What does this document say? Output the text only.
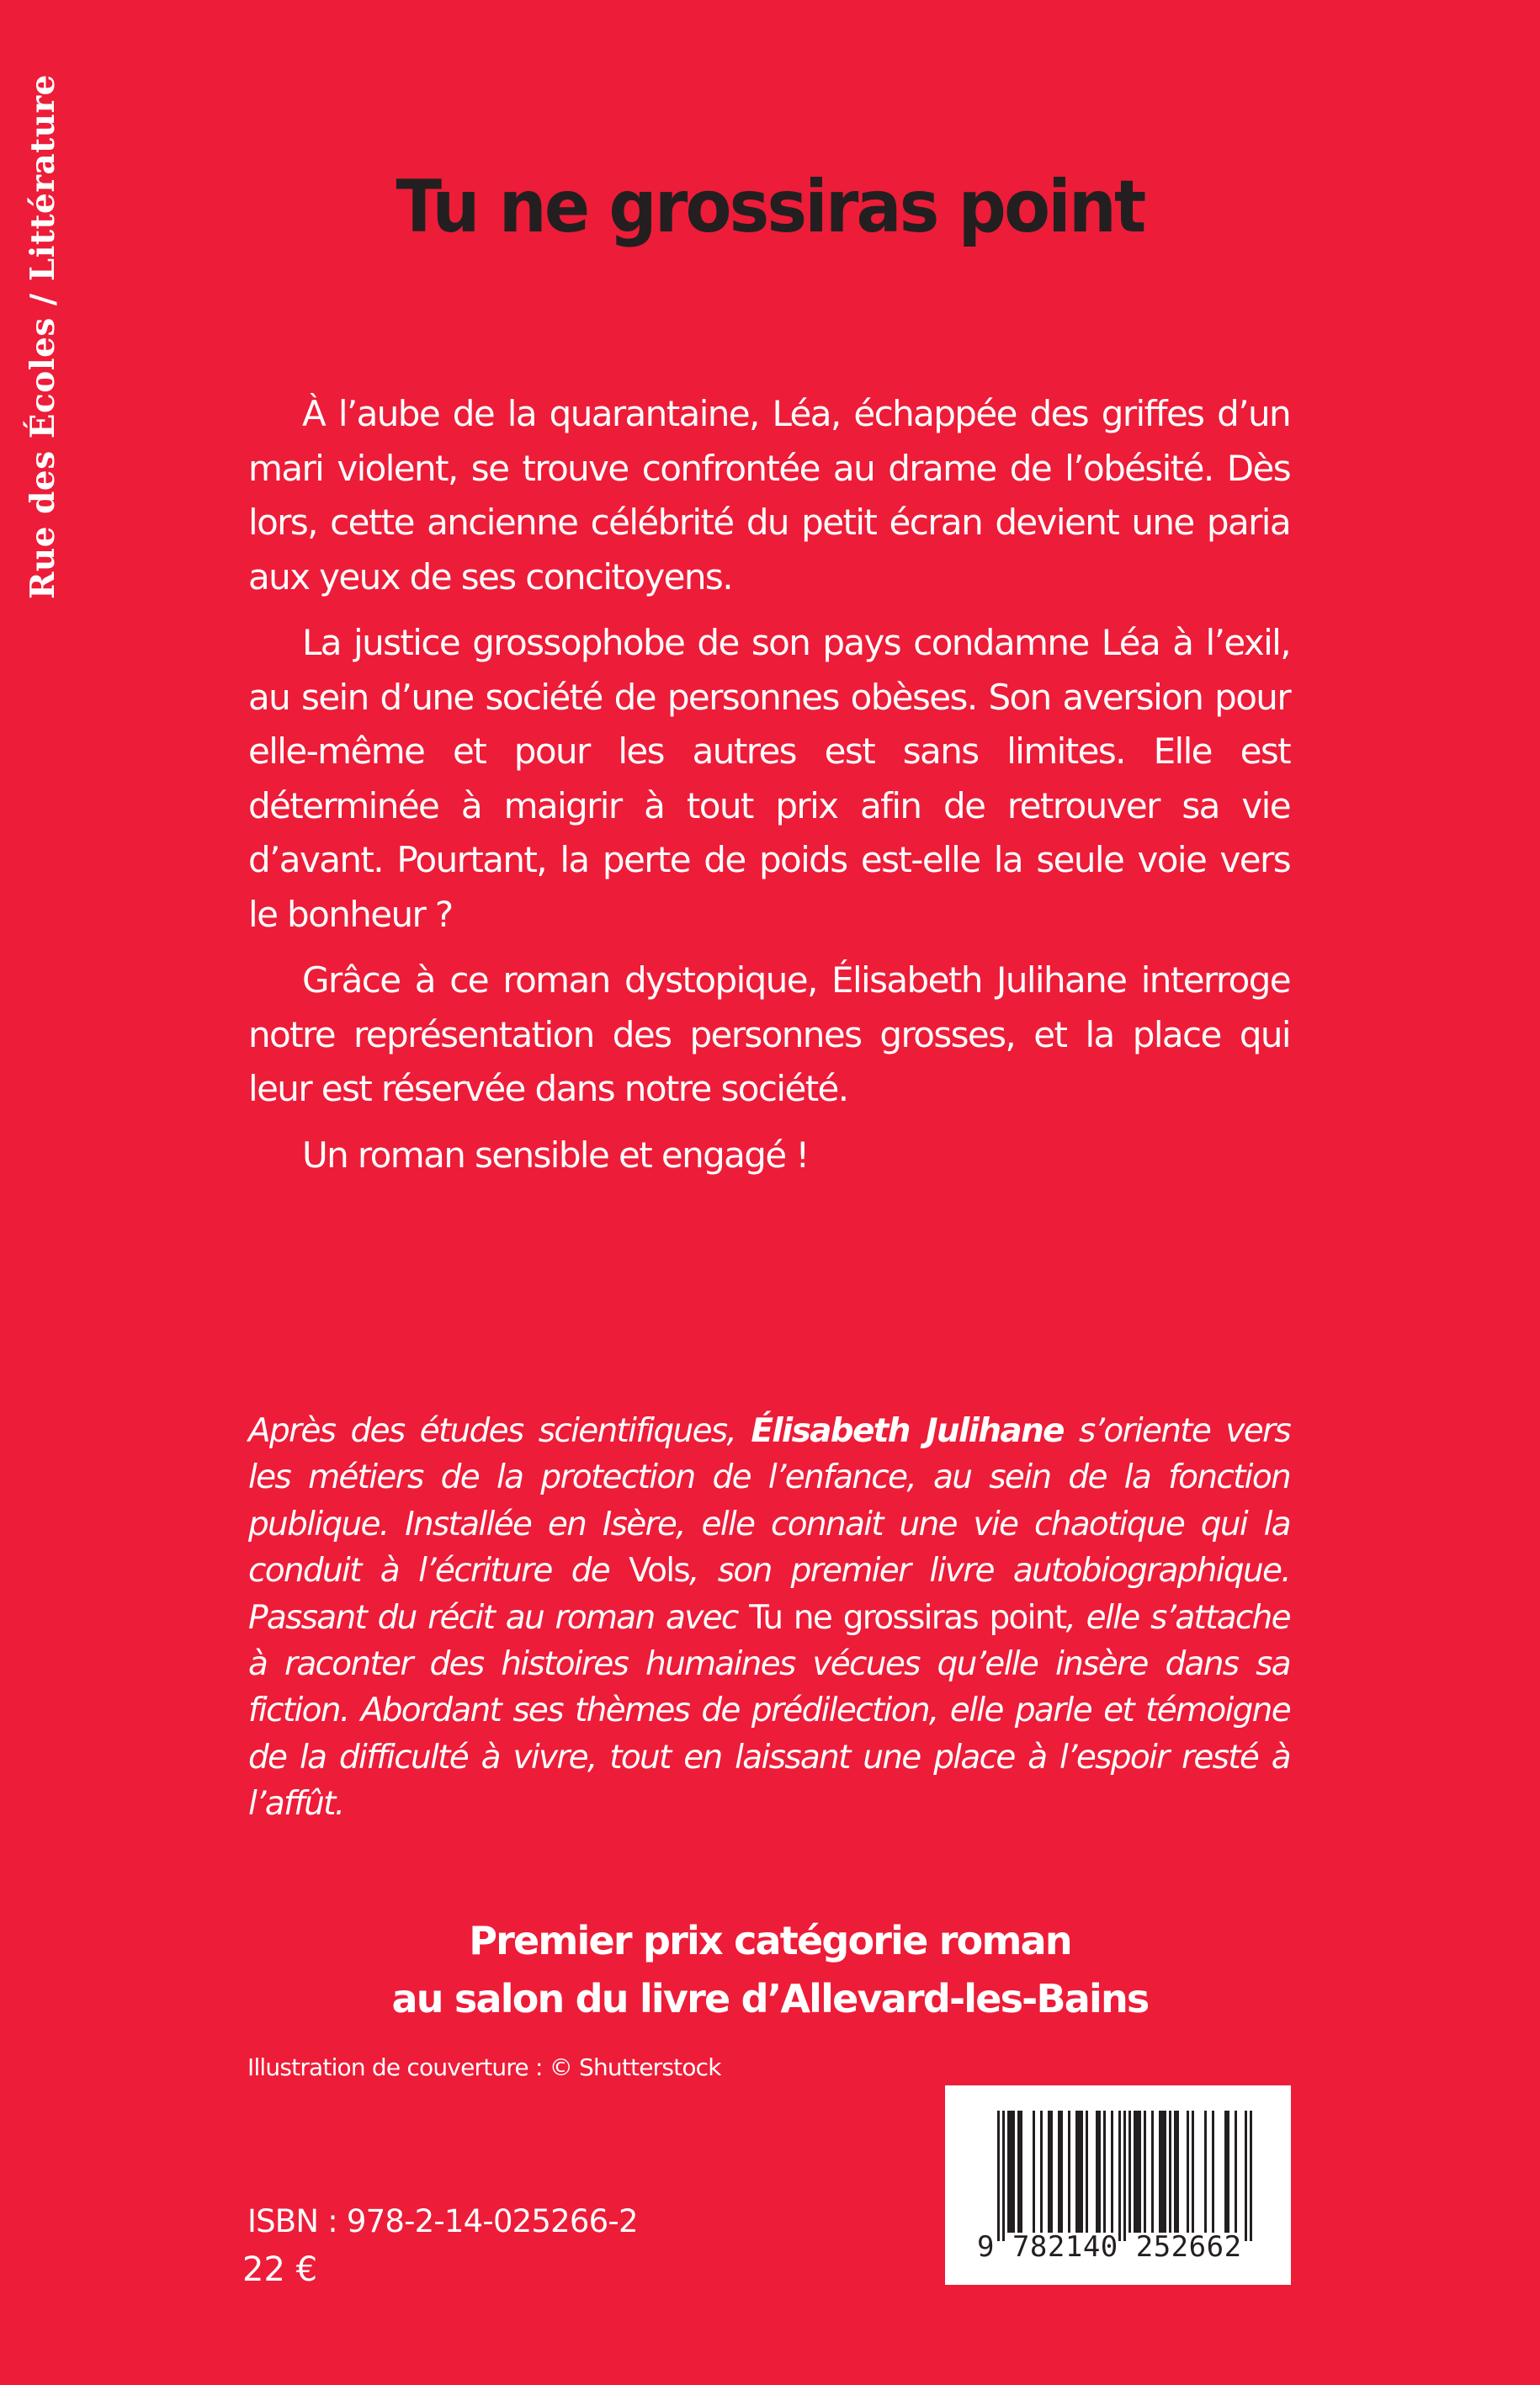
Rue des Écoles / Littérature	Tu ne grossiras point

À l’aube de la quarantaine, Léa, échappée des griffes d’un mari violent, se trouve confrontée au drame de l’obésité. Dès lors, cette ancienne célébrité du petit écran devient une paria aux yeux de ses concitoyens.

La justice grossophobe de son pays condamne Léa à l’exil, au sein d’une société de personnes obèses. Son aversion pour elle-même et pour les autres est sans limites. Elle est déterminée à maigrir à tout prix afin de retrouver sa vie d’avant. Pourtant, la perte de poids est-elle la seule voie vers le bonheur ?

Grâce à ce roman dystopique, Élisabeth Julihane interroge notre représentation des personnes grosses, et la place qui leur est réservée dans notre société.

Un roman sensible et engagé !

Après des études scientifiques, Élisabeth Julihane s’oriente vers les métiers de la protection de l’enfance, au sein de la fonction publique. Installée en Isère, elle connait une vie chaotique qui la conduit à l’écriture de Vols, son premier livre autobiographique. Passant du récit au roman avec Tu ne grossiras point, elle s’attache à raconter des histoires humaines vécues qu’elle insère dans sa fiction. Abordant ses thèmes de prédilection, elle parle et témoigne de la difficulté à vivre, tout en laissant une place à l’espoir resté à l’affût.
Premier prix catégorie roman
au salon du livre d’Allevard-les-Bains
Illustration de couverture : © Shutterstock
ISBN : 978-2-14-025266-2
22 €
9 782140 252662
